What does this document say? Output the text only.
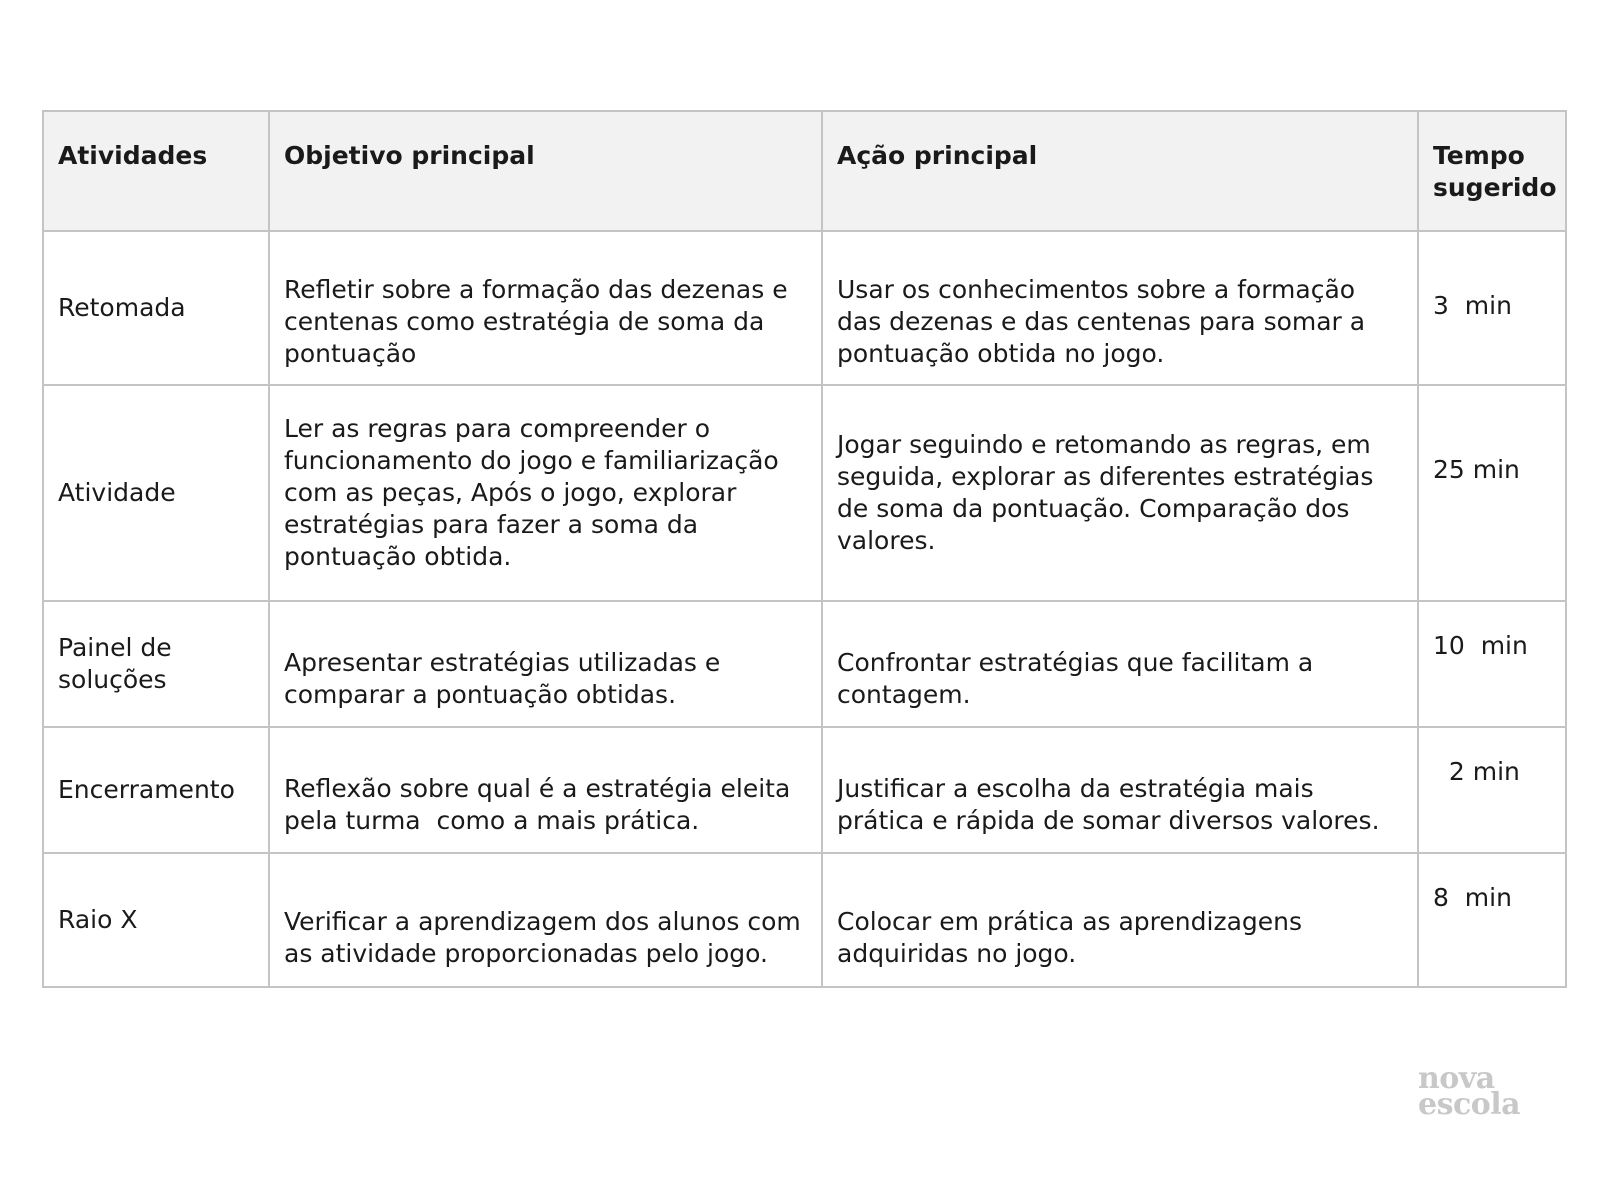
Atividades	Objetivo principal	Ação principal	Tempo sugerido
Retomada	Refletir sobre a formação das dezenas e centenas como estratégia de soma da pontuação	Usar os conhecimentos sobre a formação das dezenas e das centenas para somar a pontuação obtida no jogo.	3  min

Atividade	Ler as regras para compreender o funcionamento do jogo e familiarização com as peças, Após o jogo, explorar estratégias para fazer a soma da pontuação obtida.	Jogar seguindo e retomando as regras, em seguida, explorar as diferentes estratégias de soma da pontuação. Comparação dos valores.	25 min

Painel de soluções	Apresentar estratégias utilizadas e comparar a pontuação obtidas.	Confrontar estratégias que facilitam a contagem.	10  min

Encerramento	Reflexão sobre qual é a estratégia eleita pela turma  como a mais prática.	Justificar a escolha da estratégia mais prática e rápida de somar diversos valores.	2 min

Raio X	Verificar a aprendizagem dos alunos com as atividade proporcionadas pelo jogo.	Colocar em prática as aprendizagens adquiridas no jogo.	8  min
nova
escola
